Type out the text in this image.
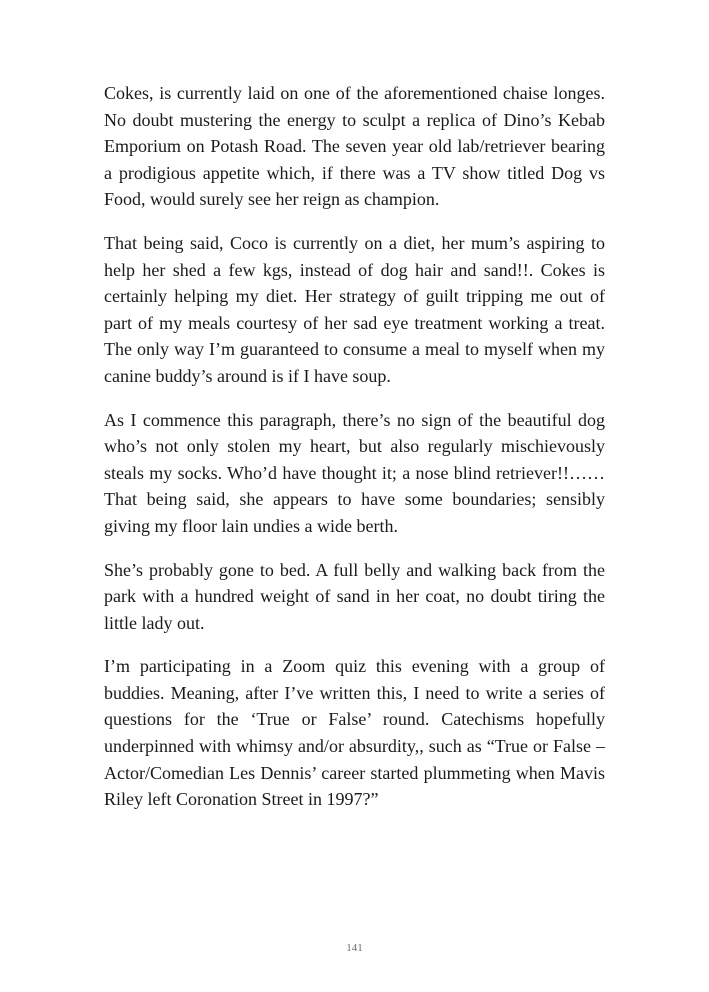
Cokes, is currently laid on one of the aforementioned chaise longes. No doubt mustering the energy to sculpt a replica of Dino’s Kebab Emporium on Potash Road. The seven year old lab/retriever bearing a prodigious appetite which, if there was a TV show titled Dog vs Food, would surely see her reign as champion.

That being said, Coco is currently on a diet, her mum’s aspiring to help her shed a few kgs, instead of dog hair and sand!!. Cokes is certainly helping my diet. Her strategy of guilt tripping me out of part of my meals courtesy of her sad eye treatment working a treat. The only way I’m guaranteed to consume a meal to myself when my canine buddy’s around is if I have soup.

As I commence this paragraph, there’s no sign of the beautiful dog who’s not only stolen my heart, but also regularly mischievously steals my socks. Who’d have thought it; a nose blind retriever!!…… That being said, she appears to have some boundaries; sensibly giving my floor lain undies a wide berth.

She’s probably gone to bed. A full belly and walking back from the park with a hundred weight of sand in her coat, no doubt tiring the little lady out.

I’m participating in a Zoom quiz this evening with a group of buddies. Meaning, after I’ve written this, I need to write a series of questions for the ‘True or False’ round. Catechisms hopefully underpinned with whimsy and/or absurdity,, such as “True or False – Actor/Comedian Les Dennis’ career started plummeting when Mavis Riley left Coronation Street in 1997?”

141
